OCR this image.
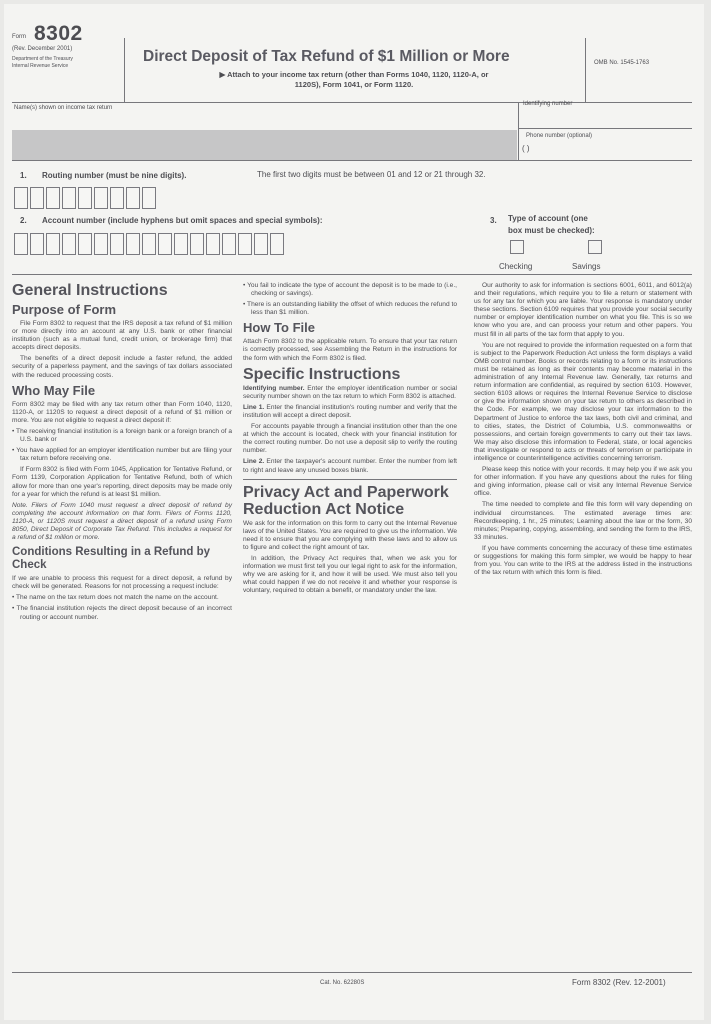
Form 8302
(Rev. December 2001)
Department of the Treasury
Internal Revenue Service
Direct Deposit of Tax Refund of $1 Million or More
▶ Attach to your income tax return (other than Forms 1040, 1120, 1120-A, or
1120S), Form 1041, or Form 1120.
OMB No. 1545-1763
Name(s) shown on income tax return
Identifying number
Phone number (optional)
( )
1. Routing number (must be nine digits).	The first two digits must be between 01 and 12 or 21 through 32.
2. Account number (include hyphens but omit spaces and special symbols):	3. Type of account (one
box must be checked):
Checking	Savings
General Instructions
Purpose of Form

File Form 8302 to request that the IRS deposit a tax refund of $1 million or more directly into an account at any U.S. bank or other financial institution (such as a mutual fund, credit union, or brokerage firm) that accepts direct deposits.

The benefits of a direct deposit include a faster refund, the added security of a paperless payment, and the savings of tax dollars associated with the reduced processing costs.

Who May File

Form 8302 may be filed with any tax return other than Form 1040, 1120, 1120-A, or 1120S to request a direct deposit of a refund of $1 million or more. You are not eligible to request a direct deposit if:

• The receiving financial institution is a foreign bank or a foreign branch of a U.S. bank or

• You have applied for an employer identification number but are filing your tax return before receiving one.

If Form 8302 is filed with Form 1045, Application for Tentative Refund, or Form 1139, Corporation Application for Tentative Refund, both of which allow for more than one year's reporting, direct deposits may be made only for a year for which the refund is at least $1 million.

Note. Filers of Form 1040 must request a direct deposit of refund by completing the account information on that form. Filers of Forms 1120, 1120-A, or 1120S must request a direct deposit of a refund using Form 8050, Direct Deposit of Corporate Tax Refund. This includes a request for a refund of $1 million or more.

Conditions Resulting in a Refund by Check

If we are unable to process this request for a direct deposit, a refund by check will be generated. Reasons for not processing a request include:

• The name on the tax return does not match the name on the account.

• The financial institution rejects the direct deposit because of an incorrect routing or account number.

• You fail to indicate the type of account the deposit is to be made to (i.e., checking or savings).

• There is an outstanding liability the offset of which reduces the refund to less than $1 million.

How To File

Attach Form 8302 to the applicable return. To ensure that your tax return is correctly processed, see Assembling the Return in the instructions for the form with which the Form 8302 is filed.

Specific Instructions

Identifying number. Enter the employer identification number or social security number shown on the tax return to which Form 8302 is attached.

Line 1. Enter the financial institution's routing number and verify that the institution will accept a direct deposit.

For accounts payable through a financial institution other than the one at which the account is located, check with your financial institution for the correct routing number. Do not use a deposit slip to verify the routing number.

Line 2. Enter the taxpayer's account number. Enter the number from left to right and leave any unused boxes blank.

Privacy Act and Paperwork Reduction Act Notice

We ask for the information on this form to carry out the Internal Revenue laws of the United States. You are required to give us the information. We need it to ensure that you are complying with these laws and to allow us to figure and collect the right amount of tax.

In addition, the Privacy Act requires that, when we ask you for information we must first tell you our legal right to ask for the information, why we are asking for it, and how it will be used. We must also tell you what could happen if we do not receive it and whether your response is voluntary, required to obtain a benefit, or mandatory under the law.

Our authority to ask for information is sections 6001, 6011, and 6012(a) and their regulations, which require you to file a return or statement with us for any tax for which you are liable. Your response is mandatory under these sections. Section 6109 requires that you provide your social security number or employer identification number on what you file. This is so we know who you are, and can process your return and other papers. You must fill in all parts of the tax form that apply to you.

You are not required to provide the information requested on a form that is subject to the Paperwork Reduction Act unless the form displays a valid OMB control number. Books or records relating to a form or its instructions must be retained as long as their contents may become material in the administration of any Internal Revenue law. Generally, tax returns and return information are confidential, as required by section 6103. However, section 6103 allows or requires the Internal Revenue Service to disclose or give the information shown on your tax return to others as described in the Code. For example, we may disclose your tax information to the Department of Justice to enforce the tax laws, both civil and criminal, and to cities, states, the District of Columbia, U.S. commonwealths or possessions, and certain foreign governments to carry out their tax laws. We may also disclose this information to Federal, state, or local agencies that investigate or respond to acts or threats of terrorism or participate in intelligence or counterintelligence activities concerning terrorism.

Please keep this notice with your records. It may help you if we ask you for other information. If you have any questions about the rules for filing and giving information, please call or visit any Internal Revenue Service office.

The time needed to complete and file this form will vary depending on individual circumstances. The estimated average times are: Recordkeeping, 1 hr., 25 minutes; Learning about the law or the form, 30 minutes; Preparing, copying, assembling, and sending the form to the IRS, 33 minutes.

If you have comments concerning the accuracy of these time estimates or suggestions for making this form simpler, we would be happy to hear from you. You can write to the IRS at the address listed in the instructions of the tax return with which this form is filed.

Cat. No. 62280S	Form 8302 (Rev. 12-2001)
